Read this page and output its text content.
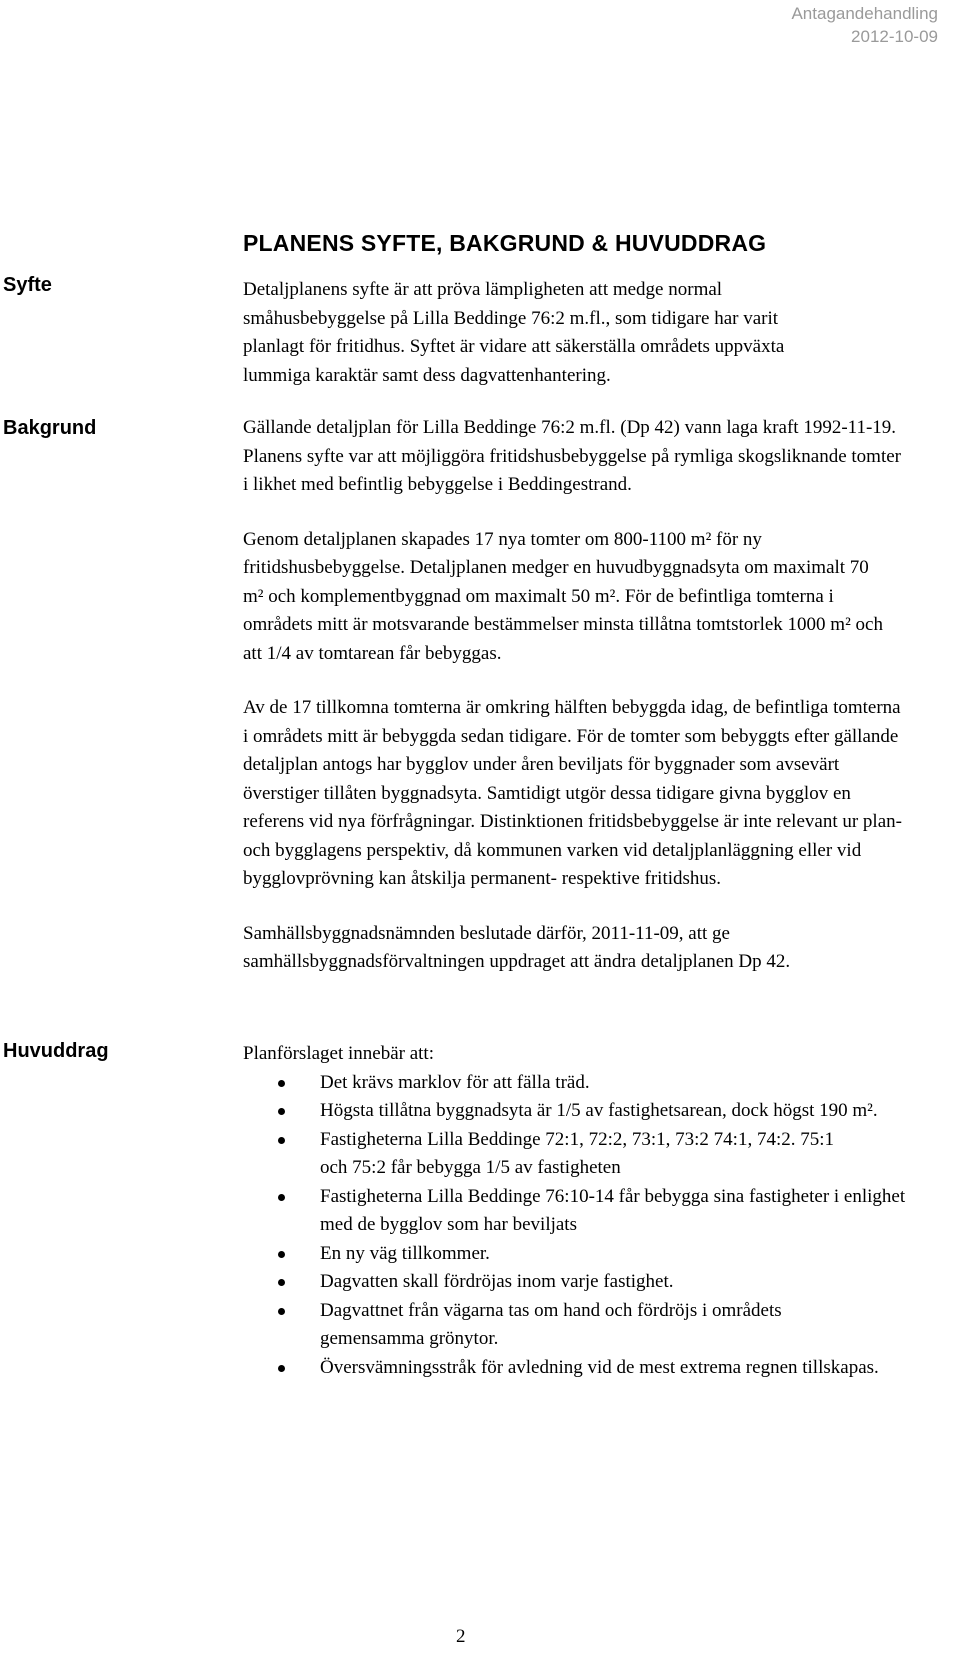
Antagandehandling
2012-10-09
PLANENS SYFTE, BAKGRUND & HUVUDDRAG
Syfte	Detaljplanens syfte är att pröva lämpligheten att medge normal småhusbebyggelse på Lilla Beddinge 76:2 m.fl., som tidigare har varit planlagt för fritidhus. Syftet är vidare att säkerställa områdets uppväxta lummiga karaktär samt dess dagvattenhantering.

Bakgrund	Gällande detaljplan för Lilla Beddinge 76:2 m.fl. (Dp 42) vann laga kraft 1992-11-19. Planens syfte var att möjliggöra fritidshusbebyggelse på rymliga skogsliknande tomter i likhet med befintlig bebyggelse i Beddingestrand.

Genom detaljplanen skapades 17 nya tomter om 800-1100 m² för ny fritidshusbebyggelse. Detaljplanen medger en huvudbyggnadsyta om maximalt 70 m² och komplementbyggnad om maximalt 50 m². För de befintliga tomterna i områdets mitt är motsvarande bestämmelser minsta tillåtna tomtstorlek 1000 m² och att 1/4 av tomtarean får bebyggas.

Av de 17 tillkomna tomterna är omkring hälften bebyggda idag, de befintliga tomterna i områdets mitt är bebyggda sedan tidigare. För de tomter som bebyggts efter gällande detaljplan antogs har bygglov under åren beviljats för byggnader som avsevärt överstiger tillåten byggnadsyta. Samtidigt utgör dessa tidigare givna bygglov en referens vid nya förfrågningar. Distinktionen fritidsbebyggelse är inte relevant ur plan- och bygglagens perspektiv, då kommunen varken vid detaljplanläggning eller vid bygglovprövning kan åtskilja permanent- respektive fritidshus.

Samhällsbyggnadsnämnden beslutade därför, 2011-11-09, att ge samhällsbyggnadsförvaltningen uppdraget att ändra detaljplanen Dp 42.

Huvuddrag	Planförslaget innebär att:

Det krävs marklov för att fälla träd.
Högsta tillåtna byggnadsyta är 1/5 av fastighetsarean, dock högst 190 m².
Fastigheterna Lilla Beddinge 72:1, 72:2, 73:1, 73:2 74:1, 74:2. 75:1 och 75:2 får bebygga 1/5 av fastigheten
Fastigheterna Lilla Beddinge 76:10-14 får bebygga sina fastigheter i enlighet med de bygglov som har beviljats
En ny väg tillkommer.
Dagvatten skall fördröjas inom varje fastighet.
Dagvattnet från vägarna tas om hand och fördröjs i områdets gemensamma grönytor.
Översvämningsstråk för avledning vid de mest extrema regnen tillskapas.
2
